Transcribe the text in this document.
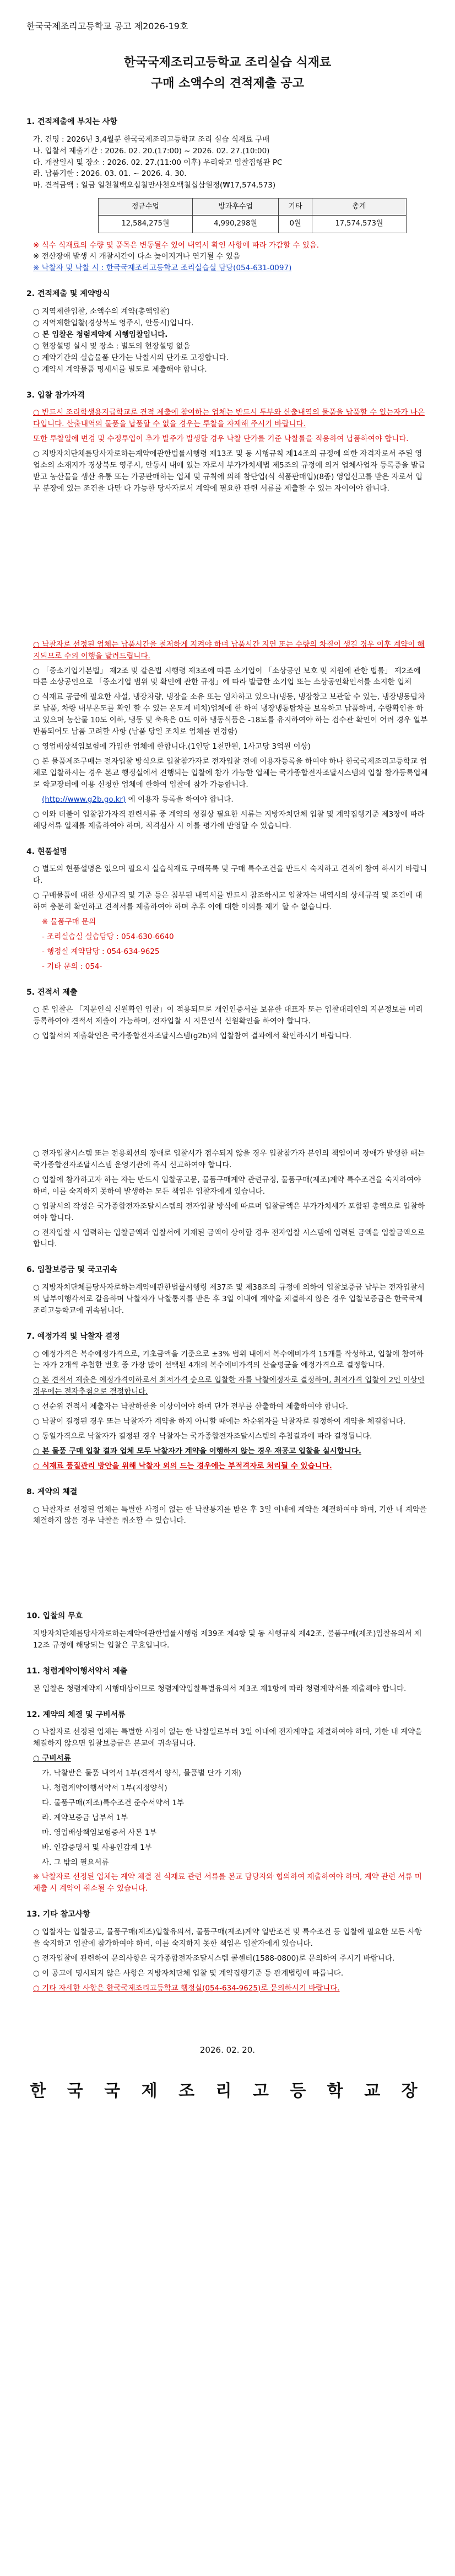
한국국제조리고등학교 공고 제2026-19호
한국국제조리고등학교 조리실습 식재료
구매 소액수의 견적제출 공고
1. 견적제출에 부치는 사항
가. 건명 : 2026년 3,4월분 한국국제조리고등학교 조리 실습 식재료 구매
나. 입찰서 제출기간 : 2026. 02. 20.(17:00) ~ 2026. 02. 27.(10:00)
다. 개찰일시 및 장소 : 2026. 02. 27.(11:00 이후) 우리학교 입찰집행관 PC
라. 납품기한 : 2026. 03. 01. ~ 2026. 4. 30.
마. 견적금액 : 일금 일천칠백오십칠만사천오백칠십삼원정(₩17,574,573)
정규수업	방과후수업	기타	총계
12,584,275원	4,990,298원	0원	17,574,573원
※ 식수 식재료의 수량 및 품목은 변동될수 있어 내역서 확인 사항에 따라 가감할 수 있음.
※ 전산장애 발생 시 개찰시간이 다소 늦어지거나 연기될 수 있음
※ 낙찰자 및 낙찰 시 : 한국국제조리고등학교 조리실습실 담당(054-631-0097)
2. 견적제출 및 계약방식
○ 지역제한입찰, 소액수의 계약(총액입찰)
○ 지역제한입찰(경상북도 영주시, 안동시)입니다.
○ 본 입찰은 청렴계약제 시행입찰입니다.
○ 현장설명 실시 및 장소 : 별도의 현장설명 없음
○ 계약기간의 실습물품 단가는 낙찰시의 단가로 고정합니다.
○ 계약서 계약물품 명세서를 별도로 제출해야 합니다.
3. 입찰 참가자격
○ 반드시 조리학생용지급학교로 견적 제출에 참여하는 업체는 반드시 투부와 산출내역의 물품을 납품할 수 있는자가 나온다입니다. 산출내역의 물품을 납품할 수 없을 경우는 투찰을 자제해 주시기 바랍니다.
또한 투찰일에 변경 및 수정투입이 추가 발주가 발생할 경우 낙찰 단가를 기준 낙찰률을 적용하여 납품하여야 합니다.
○ 지방자치단체를당사자로하는계약에관한법률시행령 제13조 및 동 시행규칙 제14조의 규정에 의한 자격자로서 주된 영업소의 소재지가 경상북도 영주시, 안동시 내에 있는 자로서 부가가치세법 제5조의 규정에 의거 업체사업자 등록증을 발급받고 농산물을 생산 유통 또는 가공판매하는 업체 및 규칙에 의해 참단업(식 식품판매업)(8종) 영업신고를 받은 자로서 업무 분장에 있는 조건을 다만 다 가능한 당사자로서 계약에 필요한 관련 서류를 제출할 수 있는 자이어야 합니다.
○ 낙찰자로 선정된 업체는 납품시간을 철저하게 지켜야 하며 납품시간 지연 또는 수량의 차질이 생길 경우 이후 계약이 해지되므로 수의 이행을 달려드립니다.
○ 「중소기업기본법」 제2조 및 같은법 시행령 제3조에 따른 소기업이 「소상공인 보호 및 지원에 관한 법률」 제2조에 따른 소상공인으로 「중소기업 범위 및 확인에 관한 규정」에 따라 발급한 소기업 또는 소상공인확인서를 소지한 업체
○ 식재료 공급에 필요한 사설, 냉장차량, 냉장을 소유 또는 임차하고 있으나(냉동, 냉장창고 보관할 수 있는, 냉장냉동탑차로 납품, 차량 내부온도를 확인 할 수 있는 온도계 비치)업체에 한 하여 냉장냉동탑차를 보유하고 납품하며, 수량확인을 하고 있으며 농산물 10도 이하, 냉동 및 축육은 0도 이하 냉동식품은 -18도를 유지하여야 하는 검수관 확인이 어려 경우 일부 반품되어도 납품 고려할 사항 (납품 당일 조치로 업체를 변경함)
○ 영업배상책임보험에 가입한 업체에 한합니다.(1인당 1천만원, 1사고당 3억원 이상)
○ 본 물품제조구매는 전자입찰 방식으로 입찰참가자로 전자입찰 전에 이용자등록을 하여야 하나 한국국제조리고등학교 업체로 입찰하시는 경우 본교 행정실에서 진행되는 입찰에 참가 가능한 업체는 국가종합전자조달시스템의 입찰 참가등록업체로 학교장터에 이용 신청한 업체에 한하여 입찰에 참가 가능합니다.
(http://www.g2b.go.kr) 에 이용자 등록을 하여야 합니다.
○ 이와 더불어 입찰참가자격 관련서류 중 계약의 성질상 필요한 서류는 지방자치단체 입찰 및 계약집행기준 제3장에 따라 해당서류 일체를 제출하여야 하며, 적격심사 시 이를 평가에 반영할 수 있습니다.
4. 현품설명
○ 별도의 현품설명은 없으며 필요시 실습식재료 구매목록 및 구매 특수조건을 반드시 숙지하고 견적에 참여 하시기 바랍니다.
○ 구매물품에 대한 상세규격 및 기준 등은 첨부된 내역서를 반드시 참조하시고 입찰자는 내역서의 상세규격 및 조건에 대하여 충분히 확인하고 견적서를 제출하여야 하며 추후 이에 대한 이의를 제기 할 수 없습니다.
※ 물품구매 문의
- 조리실습실 실습담당 : 054-630-6640
- 행정실 계약담당 : 054-634-9625
- 기타 문의 : 054-
5. 견적서 제출
○ 본 입찰은 「지문인식 신원확인 입찰」이 적용되므로 개인인증서를 보유한 대표자 또는 입찰대리인의 지문정보를 미리 등록하여야 견적서 제출이 가능하며, 전자입찰 시 지문인식 신원확인을 하여야 합니다.
○ 입찰서의 제출확인은 국가종합전자조달시스템(g2b)의 입찰참여 결과에서 확인하시기 바랍니다.
○ 전자입찰시스템 또는 전용회선의 장애로 입찰서가 접수되지 않을 경우 입찰참가자 본인의 책임이며 장애가 발생한 때는 국가종합전자조달시스템 운영기관에 즉시 신고하여야 합니다.
○ 입찰에 참가하고자 하는 자는 반드시 입찰공고문, 물품구매계약 관련규정, 물품구매(제조)계약 특수조건을 숙지하여야 하며, 이를 숙지하지 못하여 발생하는 모든 책임은 입찰자에게 있습니다.
○ 입찰서의 작성은 국가종합전자조달시스템의 전자입찰 방식에 따르며 입찰금액은 부가가치세가 포함된 총액으로 입찰하여야 합니다.
○ 전자입찰 시 입력하는 입찰금액과 입찰서에 기재된 금액이 상이할 경우 전자입찰 시스템에 입력된 금액을 입찰금액으로 합니다.
6. 입찰보증금 및 국고귀속
○ 지방자치단체를당사자로하는계약에관한법률시행령 제37조 및 제38조의 규정에 의하여 입찰보증금 납부는 전자입찰서의 납부이행각서로 갈음하며 낙찰자가 낙찰통지를 받은 후 3일 이내에 계약을 체결하지 않은 경우 입찰보증금은 한국국제조리고등학교에 귀속됩니다.
7. 예정가격 및 낙찰자 결정
○ 예정가격은 복수예정가격으로, 기초금액을 기준으로 ±3% 범위 내에서 복수예비가격 15개를 작성하고, 입찰에 참여하는 자가 2개씩 추첨한 번호 중 가장 많이 선택된 4개의 복수예비가격의 산술평균을 예정가격으로 결정합니다.
○ 본 견적서 제출은 예정가격이하로서 최저가격 순으로 입찰한 자를 낙찰예정자로 결정하며, 최저가격 입찰이 2인 이상인 경우에는 전자추첨으로 결정합니다.
○ 선순위 견적서 제출자는 낙찰하한율 이상이어야 하며 단가 전부를 산출하여 제출하여야 합니다.
○ 낙찰이 결정된 경우 또는 낙찰자가 계약을 하지 아니할 때에는 차순위자를 낙찰자로 결정하여 계약을 체결합니다.
○ 동일가격으로 낙찰자가 결정된 경우 낙찰자는 국가종합전자조달시스템의 추첨결과에 따라 결정됩니다.
○ 본 물품 구매 입찰 결과 업체 모두 낙찰자가 계약을 이행하지 않는 경우 재공고 입찰을 실시합니다.
○ 식재료 품질관리 방안을 위해 낙찰자 외의 드는 경우에는 부적격자로 처리될 수 있습니다.
8. 계약의 체결
○ 낙찰자로 선정된 업체는 특별한 사정이 없는 한 낙찰통지를 받은 후 3일 이내에 계약을 체결하여야 하며, 기한 내 계약을 체결하지 않을 경우 낙찰을 취소할 수 있습니다.
10. 입찰의 무효
지방자치단체를당사자로하는계약에관한법률시행령 제39조 제4항 및 동 시행규칙 제42조, 물품구매(제조)입찰유의서 제12조 규정에 해당되는 입찰은 무효입니다.
11. 청렴계약이행서약서 제출
본 입찰은 청렴계약제 시행대상이므로 청렴계약입찰특별유의서 제3조 제1항에 따라 청렴계약서를 제출해야 합니다.
12. 계약의 체결 및 구비서류
○ 낙찰자로 선정된 업체는 특별한 사정이 없는 한 낙찰일로부터 3일 이내에 전자계약을 체결하여야 하며, 기한 내 계약을 체결하지 않으면 입찰보증금은 본교에 귀속됩니다.
○ 구비서류
가. 낙찰받은 물품 내역서 1부(견적서 양식, 물품별 단가 기재)
나. 청렴계약이행서약서 1부(지정양식)
다. 물품구매(제조)특수조건 준수서약서 1부
라. 계약보증금 납부서 1부
마. 영업배상책임보험증서 사본 1부
바. 인감증명서 및 사용인감계 1부
사. 그 밖의 필요서류
※ 낙찰자로 선정된 업체는 계약 체결 전 식재료 관련 서류를 본교 담당자와 협의하여 제출하여야 하며, 계약 관련 서류 미제출 시 계약이 취소될 수 있습니다.
13. 기타 참고사항
○ 입찰자는 입찰공고, 물품구매(제조)입찰유의서, 물품구매(제조)계약 일반조건 및 특수조건 등 입찰에 필요한 모든 사항을 숙지하고 입찰에 참가하여야 하며, 이를 숙지하지 못한 책임은 입찰자에게 있습니다.
○ 전자입찰에 관련하여 문의사항은 국가종합전자조달시스템 콜센터(1588-0800)로 문의하여 주시기 바랍니다.
○ 이 공고에 명시되지 않은 사항은 지방자치단체 입찰 및 계약집행기준 등 관계법령에 따릅니다.
○ 기타 자세한 사항은 한국국제조리고등학교 행정실(054-634-9625)로 문의하시기 바랍니다.
2026. 02. 20.
한 국 국 제 조 리 고 등 학 교 장
